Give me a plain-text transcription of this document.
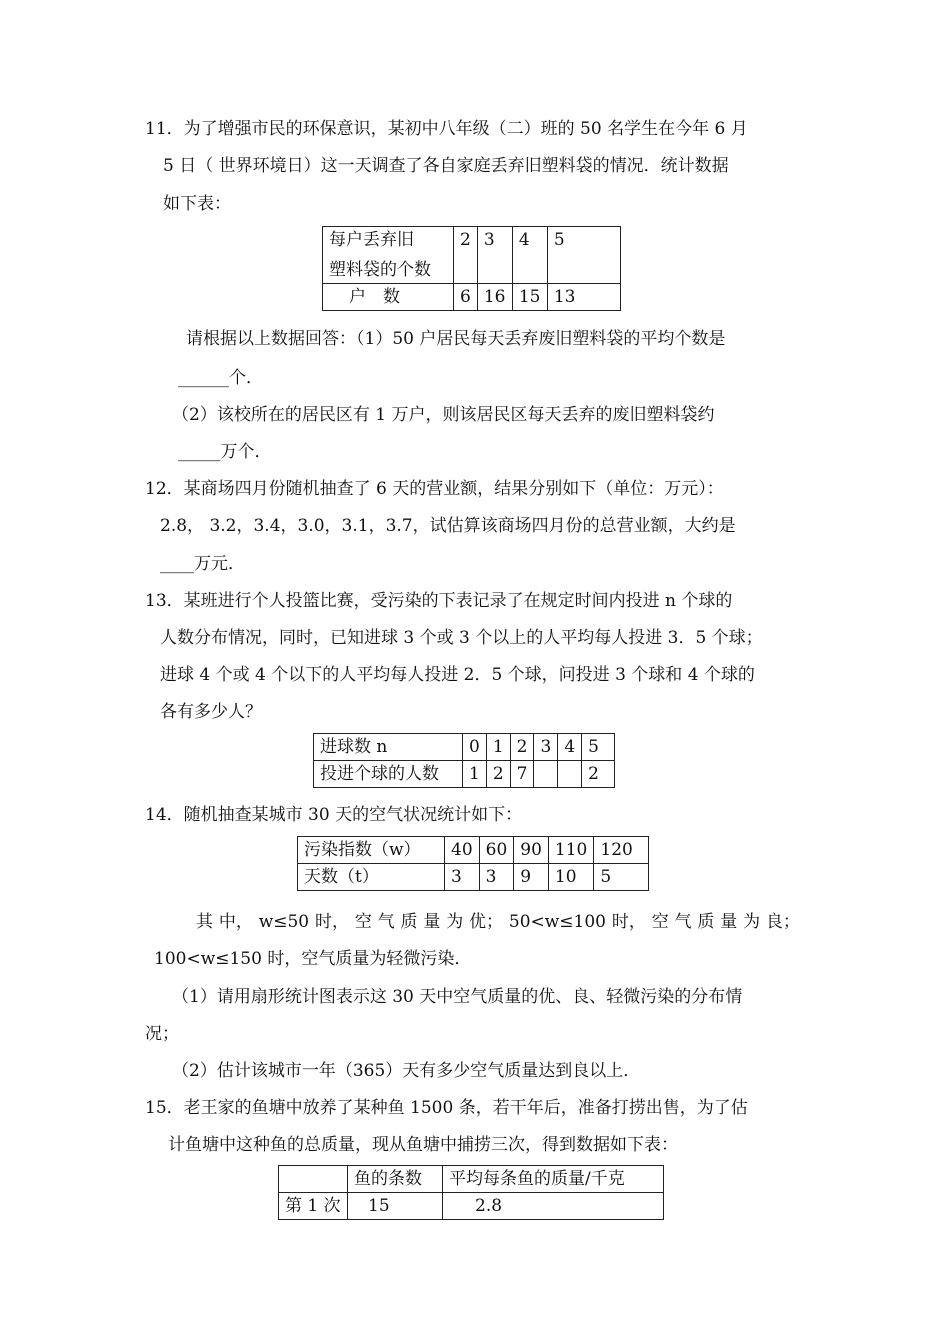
11．为了增强市民的环保意识，某初中八年级（二）班的 50 名学生在今年 6 月
5 日（ 世界环境日）这一天调查了各自家庭丢弃旧塑料袋的情况．统计数据
如下表：
每户丢弃旧
塑料袋的个数	2	3	4	5
户　数	6	16	15	13
请根据以上数据回答：（1）50 户居民每天丢弃废旧塑料袋的平均个数是
______个．
（2）该校所在的居民区有 1 万户，则该居民区每天丢弃的废旧塑料袋约
_____万个．
12．某商场四月份随机抽查了 6 天的营业额，结果分别如下（单位：万元）：
2.8， 3.2，3.4，3.0，3.1，3.7，试估算该商场四月份的总营业额，大约是
____万元．
13．某班进行个人投篮比赛，受污染的下表记录了在规定时间内投进 n 个球的
人数分布情况，同时，已知进球 3 个或 3 个以上的人平均每人投进 3．5 个球；
进球 4 个或 4 个以下的人平均每人投进 2．5 个球，问投进 3 个球和 4 个球的
各有多少人？
进球数 n	0	1	2	3	4	5
投进个球的人数	1	2	7			2
14．随机抽查某城市 30 天的空气状况统计如下：
污染指数（w）	40	60	90	110	120
天数（t）	3	3	9	10	5
其 中， w≤50 时， 空 气 质 量 为 优； 50<w≤100 时， 空 气 质 量 为 良；
100<w≤150 时，空气质量为轻微污染．
（1）请用扇形统计图表示这 30 天中空气质量的优、良、轻微污染的分布情
况；
（2）估计该城市一年（365）天有多少空气质量达到良以上．
15．老王家的鱼塘中放养了某种鱼 1500 条，若干年后，准备打捞出售，为了估
计鱼塘中这种鱼的总质量，现从鱼塘中捕捞三次，得到数据如下表：
	鱼的条数	平均每条鱼的质量/千克
第 1 次	15	2.8
